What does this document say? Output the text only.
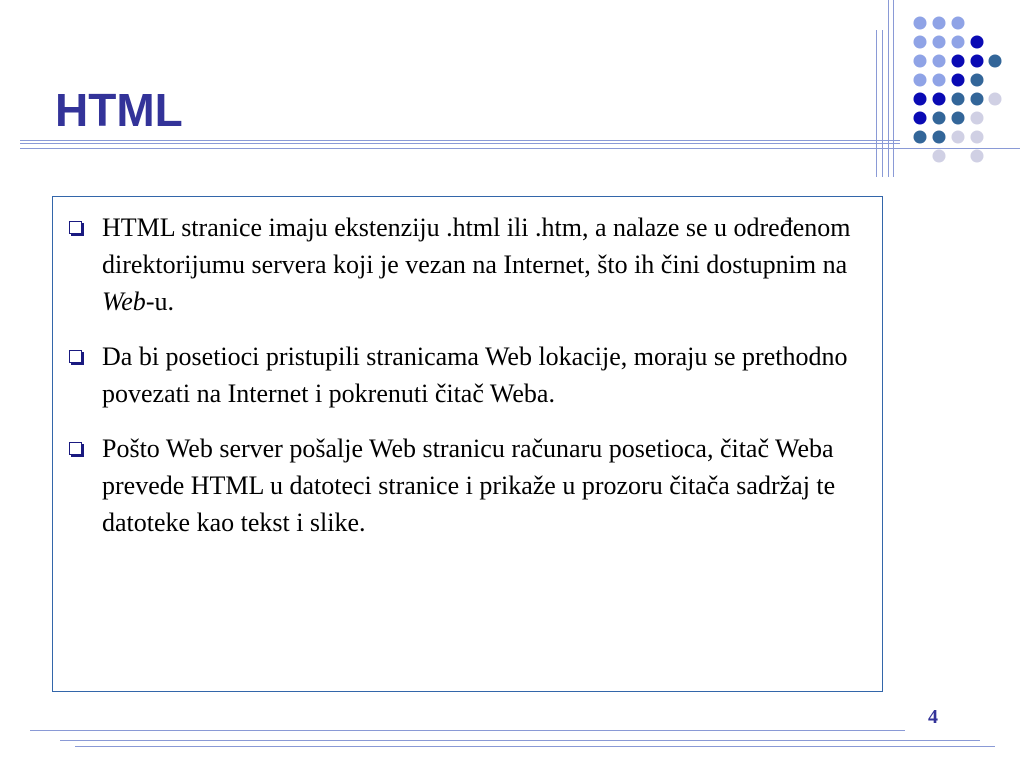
HTML
HTML stranice imaju ekstenziju .html ili .htm, a nalaze se u određenom direktorijumu servera koji je vezan na Internet, što ih čini dostupnim na Web-u.
Da bi posetioci pristupili stranicama Web lokacije, moraju se prethodno povezati na Internet i pokrenuti čitač Weba.
Pošto Web server pošalje Web stranicu računaru posetioca, čitač Weba prevede HTML u datoteci stranice i prikaže u prozoru čitača sadržaj te datoteke kao tekst i slike.
4
